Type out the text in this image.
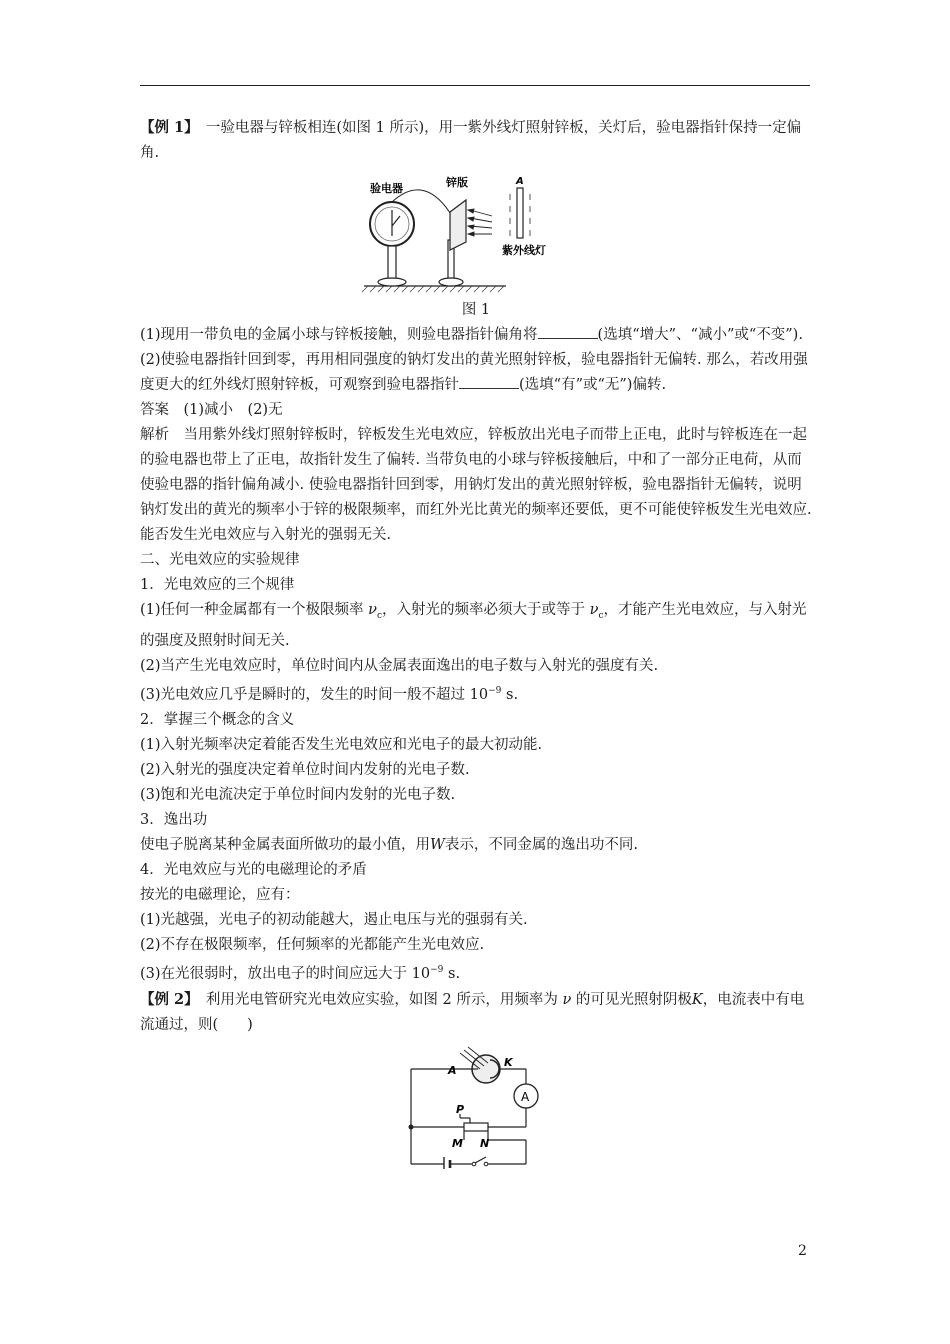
【例 1】　 一验电器与锌板相连(如图 1 所示)，用一紫外线灯照射锌板，关灯后，验电器指针保持一定偏角.

A
验电器	锌版
紫外线灯

图 1

(1)现用一带负电的金属小球与锌板接触，则验电器指针偏角将	(选填“增大”、“减小”或“不变”).

(2)使验电器指针回到零，再用相同强度的钠灯发出的黄光照射锌板，验电器指针无偏转. 那么，若改用强度更大的红外线灯照射锌板，可观察到验电器指针	(选填“有”或“无”)偏转.

答案　(1)减小　(2)无

解析　当用紫外线灯照射锌板时，锌板发生光电效应，锌板放出光电子而带上正电，此时与锌板连在一起的验电器也带上了正电，故指针发生了偏转. 当带负电的小球与锌板接触后，中和了一部分正电荷，从而使验电器的指针偏角减小. 使验电器指针回到零，用钠灯发出的黄光照射锌板，验电器指针无偏转，说明钠灯发出的黄光的频率小于锌的极限频率，而红外光比黄光的频率还要低，更不可能使锌板发生光电效应. 能否发生光电效应与入射光的强弱无关.

二、光电效应的实验规律

1．光电效应的三个规律

(1)任何一种金属都有一个极限频率 $\nu_c$，入射光的频率必须大于或等于 $\nu_c$，才能产生光电效应，与入射光的强度及照射时间无关.

(2)当产生光电效应时，单位时间内从金属表面逸出的电子数与入射光的强度有关.

(3)光电效应几乎是瞬时的，发生的时间一般不超过 $10^{-9}$ s.

2．掌握三个概念的含义

(1)入射光频率决定着能否发生光电效应和光电子的最大初动能.

(2)入射光的强度决定着单位时间内发射的光电子数.

(3)饱和光电流决定于单位时间内发射的光电子数.

3．逸出功

使电子脱离某种金属表面所做功的最小值，用W表示，不同金属的逸出功不同.

4．光电效应与光的电磁理论的矛盾

按光的电磁理论，应有：

(1)光越强，光电子的初动能越大，遏止电压与光的强弱有关.

(2)不存在极限频率，任何频率的光都能产生光电效应.

(3)在光很弱时，放出电子的时间应远大于 $10^{-9}$ s.

【例 2】　 利用光电管研究光电效应实验，如图 2 所示，用频率为 ν 的可见光照射阴极K，电流表中有电流通过，则(　　)

A
A
K
P
M N
2
